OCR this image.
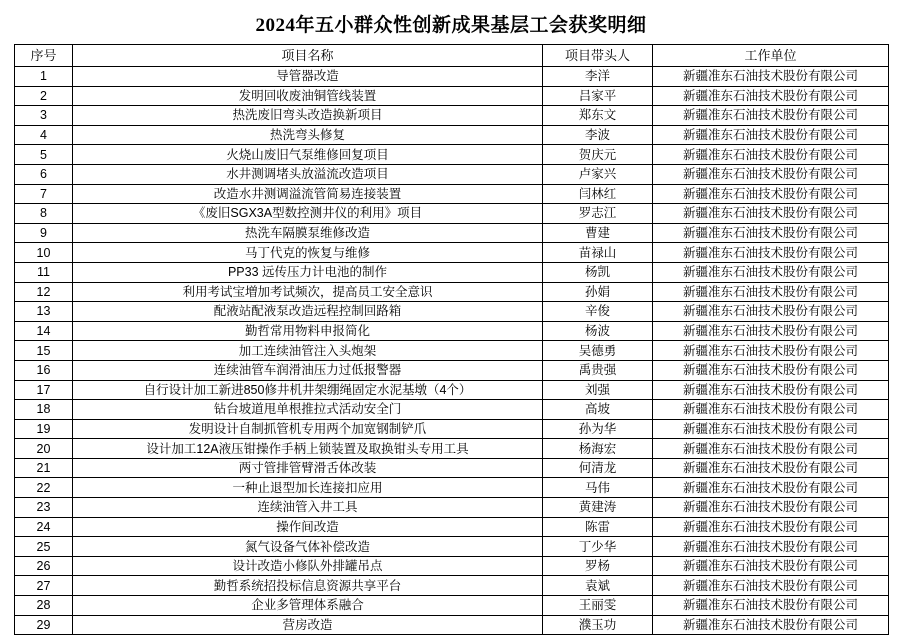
2024年五小群众性创新成果基层工会获奖明细
序号	项目名称	项目带头人	工作单位
1	导管器改造	李洋	新疆准东石油技术股份有限公司
2	发明回收废油铜管线装置	吕家平	新疆准东石油技术股份有限公司
3	热洗废旧弯头改造换新项目	郑东文	新疆准东石油技术股份有限公司
4	热洗弯头修复	李波	新疆准东石油技术股份有限公司
5	火烧山废旧气泵维修回复项目	贺庆元	新疆准东石油技术股份有限公司
6	水井测调堵头放溢流改造项目	卢家兴	新疆准东石油技术股份有限公司
7	改造水井测调溢流管简易连接装置	闫林红	新疆准东石油技术股份有限公司
8	《废旧SGX3A型数控测井仪的利用》项目	罗志江	新疆准东石油技术股份有限公司
9	热洗车隔膜泵维修改造	曹建	新疆准东石油技术股份有限公司
10	马丁代克的恢复与维修	苗禄山	新疆准东石油技术股份有限公司
11	PP33 远传压力计电池的制作	杨凯	新疆准东石油技术股份有限公司
12	利用考试宝増加考试频次，提高员工安全意识	孙娟	新疆准东石油技术股份有限公司
13	配液站配液泵改造远程控制回路箱	辛俊	新疆准东石油技术股份有限公司
14	勤哲常用物料申报简化	杨波	新疆准东石油技术股份有限公司
15	加工连续油管注入头炮架	吴德勇	新疆准东石油技术股份有限公司
16	连续油管车润滑油压力过低报警器	禹贵强	新疆准东石油技术股份有限公司
17	自行设计加工新进850修井机井架绷绳固定水泥基墩（4个）	刘强	新疆准东石油技术股份有限公司
18	钻台坡道甩单根推拉式活动安全门	高坡	新疆准东石油技术股份有限公司
19	发明设计自制抓管机专用两个加宽钢制铲爪	孙为华	新疆准东石油技术股份有限公司
20	设计加工12A液压钳操作手柄上锁装置及取换钳头专用工具	杨海宏	新疆准东石油技术股份有限公司
21	两寸管排管臂滑舌体改装	何清龙	新疆准东石油技术股份有限公司
22	一种止退型加长连接扣应用	马伟	新疆准东石油技术股份有限公司
23	连续油管入井工具	黄建涛	新疆准东石油技术股份有限公司
24	操作间改造	陈雷	新疆准东石油技术股份有限公司
25	氮气设备气体补偿改造	丁少华	新疆准东石油技术股份有限公司
26	设计改造小修队外排罐吊点	罗杨	新疆准东石油技术股份有限公司
27	勤哲系统招投标信息资源共享平台	袁斌	新疆准东石油技术股份有限公司
28	企业多管理体系融合	王丽雯	新疆准东石油技术股份有限公司
29	营房改造	濮玉功	新疆准东石油技术股份有限公司
